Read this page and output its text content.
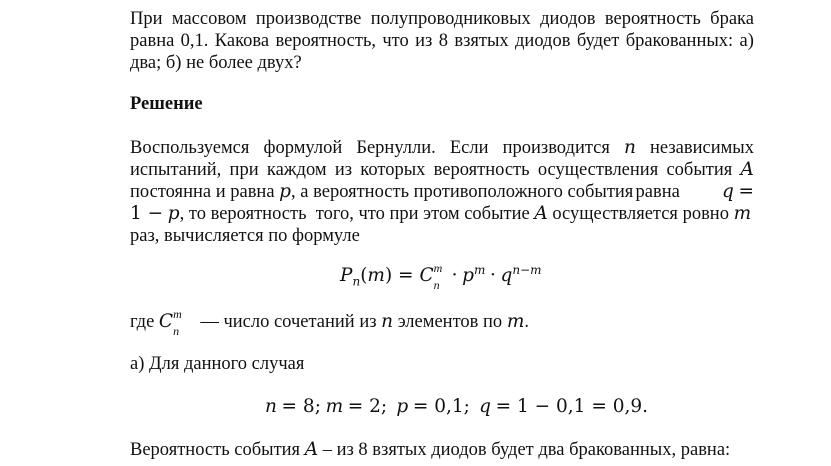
При массовом производстве полупроводниковых диодов вероятность брака
равна 0,1. Какова вероятность, что из 8 взятых диодов будет бракованных: а)
два; б) не более двух?
Решение
Воспользуемся формулой Бернулли. Если производится n независимых
испытаний, при каждом из которых вероятность осуществления события A
постоянна и равна p, а вероятность противоположного события равна	q =
1 − p, то вероятность  того, что при этом событие A осуществляется ровно m
раз, вычисляется по формуле
$P_n(m) = C$ m
$n \cdot p^m \cdot q^{n-m}$
где C m
n — число сочетаний из n элементов по m.
а) Для данного случая
n = 8; m = 2; p = 0,1; q = 1 − 0,1 = 0,9.
Вероятность события A – из 8 взятых диодов будет два бракованных, равна:
